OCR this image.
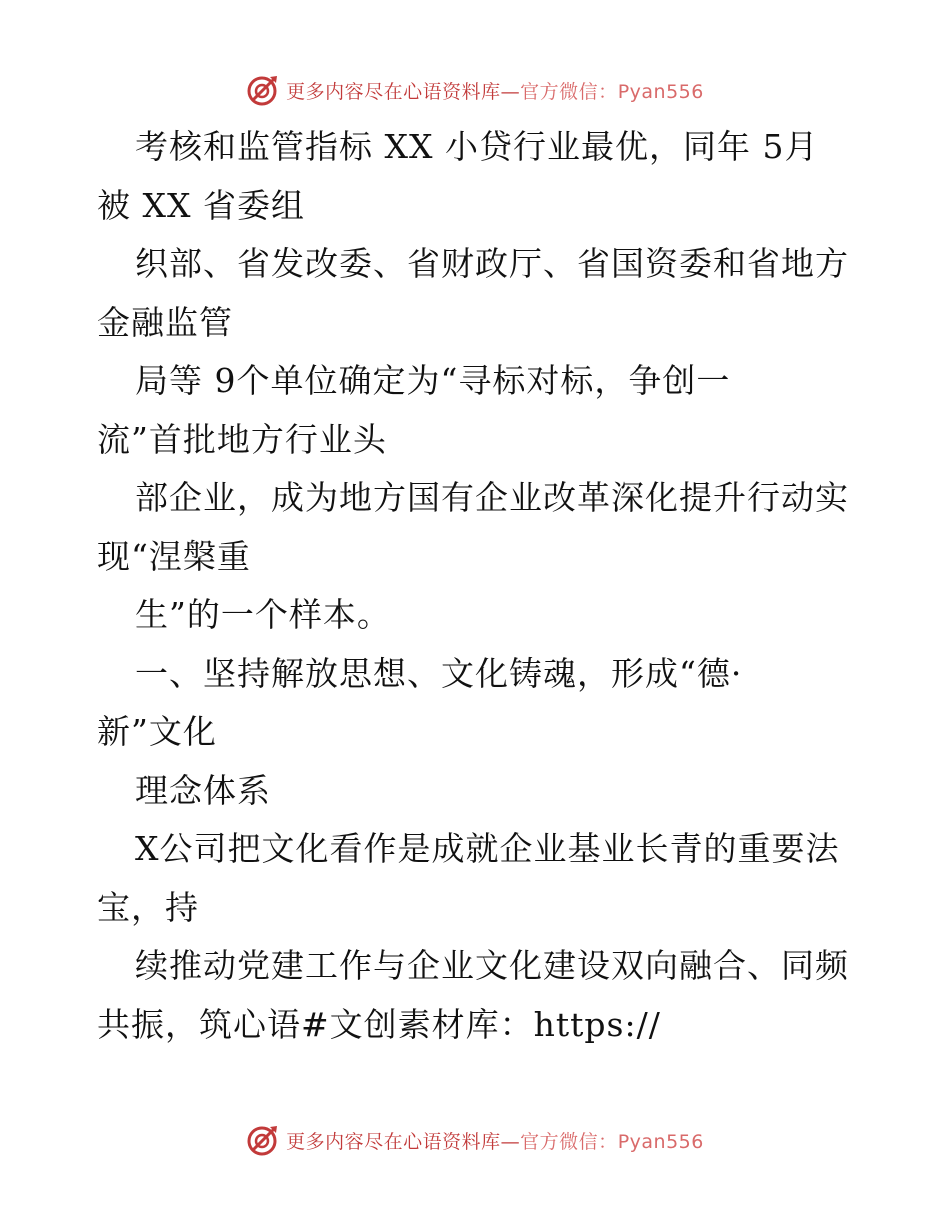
更多内容尽在心语资料库—官方微信：Pyan556
考核和监管指标 XX 小贷行业最优，同年 5月
被 XX 省委组
织部、省发改委、省财政厅、省国资委和省地方
金融监管
局等 9个单位确定为“寻标对标，争创一
流”首批地方行业头
部企业，成为地方国有企业改革深化提升行动实
现“涅槃重
生”的一个样本。
一、坚持解放思想、文化铸魂，形成“德·
新”文化
理念体系
X公司把文化看作是成就企业基业长青的重要法
宝，持
续推动党建工作与企业文化建设双向融合、同频
共振，筑心语#文创素材库：https://
更多内容尽在心语资料库—官方微信：Pyan556
